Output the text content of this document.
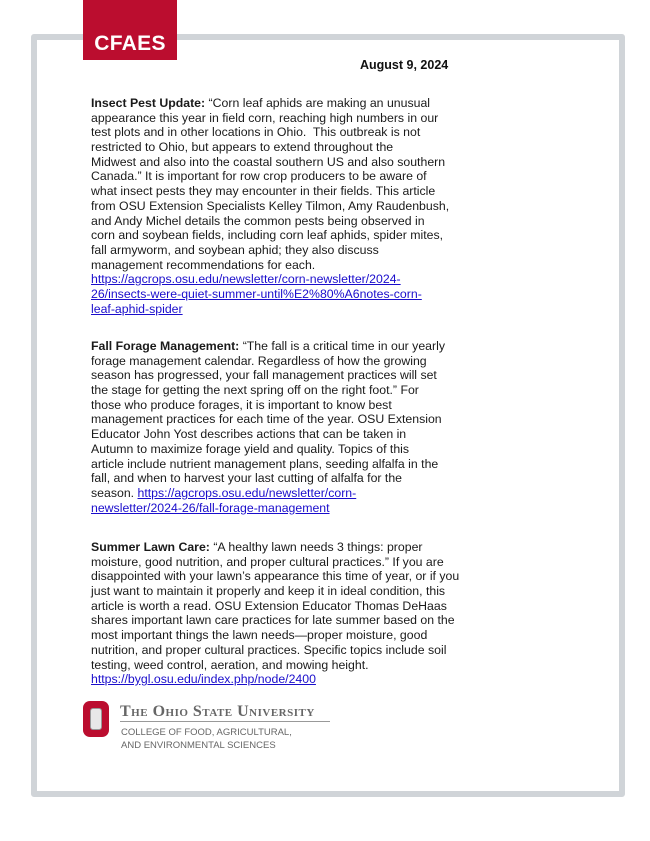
CFAES
August 9, 2024
Insect Pest Update: “Corn leaf aphids are making an unusual
appearance this year in field corn, reaching high numbers in our
test plots and in other locations in Ohio.  This outbreak is not
restricted to Ohio, but appears to extend throughout the
Midwest and also into the coastal southern US and also southern
Canada.” It is important for row crop producers to be aware of
what insect pests they may encounter in their fields. This article
from OSU Extension Specialists Kelley Tilmon, Amy Raudenbush,
and Andy Michel details the common pests being observed in
corn and soybean fields, including corn leaf aphids, spider mites,
fall armyworm, and soybean aphid; they also discuss
management recommendations for each.
https://agcrops.osu.edu/newsletter/corn-newsletter/2024-
26/insects-were-quiet-summer-until%E2%80%A6notes-corn-
leaf-aphid-spider
Fall Forage Management: “The fall is a critical time in our yearly
forage management calendar. Regardless of how the growing
season has progressed, your fall management practices will set
the stage for getting the next spring off on the right foot.” For
those who produce forages, it is important to know best
management practices for each time of the year. OSU Extension
Educator John Yost describes actions that can be taken in
Autumn to maximize forage yield and quality. Topics of this
article include nutrient management plans, seeding alfalfa in the
fall, and when to harvest your last cutting of alfalfa for the
season. https://agcrops.osu.edu/newsletter/corn-
newsletter/2024-26/fall-forage-management
Summer Lawn Care: “A healthy lawn needs 3 things: proper
moisture, good nutrition, and proper cultural practices.” If you are
disappointed with your lawn’s appearance this time of year, or if you
just want to maintain it properly and keep it in ideal condition, this
article is worth a read. OSU Extension Educator Thomas DeHaas
shares important lawn care practices for late summer based on the
most important things the lawn needs—proper moisture, good
nutrition, and proper cultural practices. Specific topics include soil
testing, weed control, aeration, and mowing height.
https://bygl.osu.edu/index.php/node/2400
The Ohio State University
COLLEGE OF FOOD, AGRICULTURAL,
AND ENVIRONMENTAL SCIENCES
